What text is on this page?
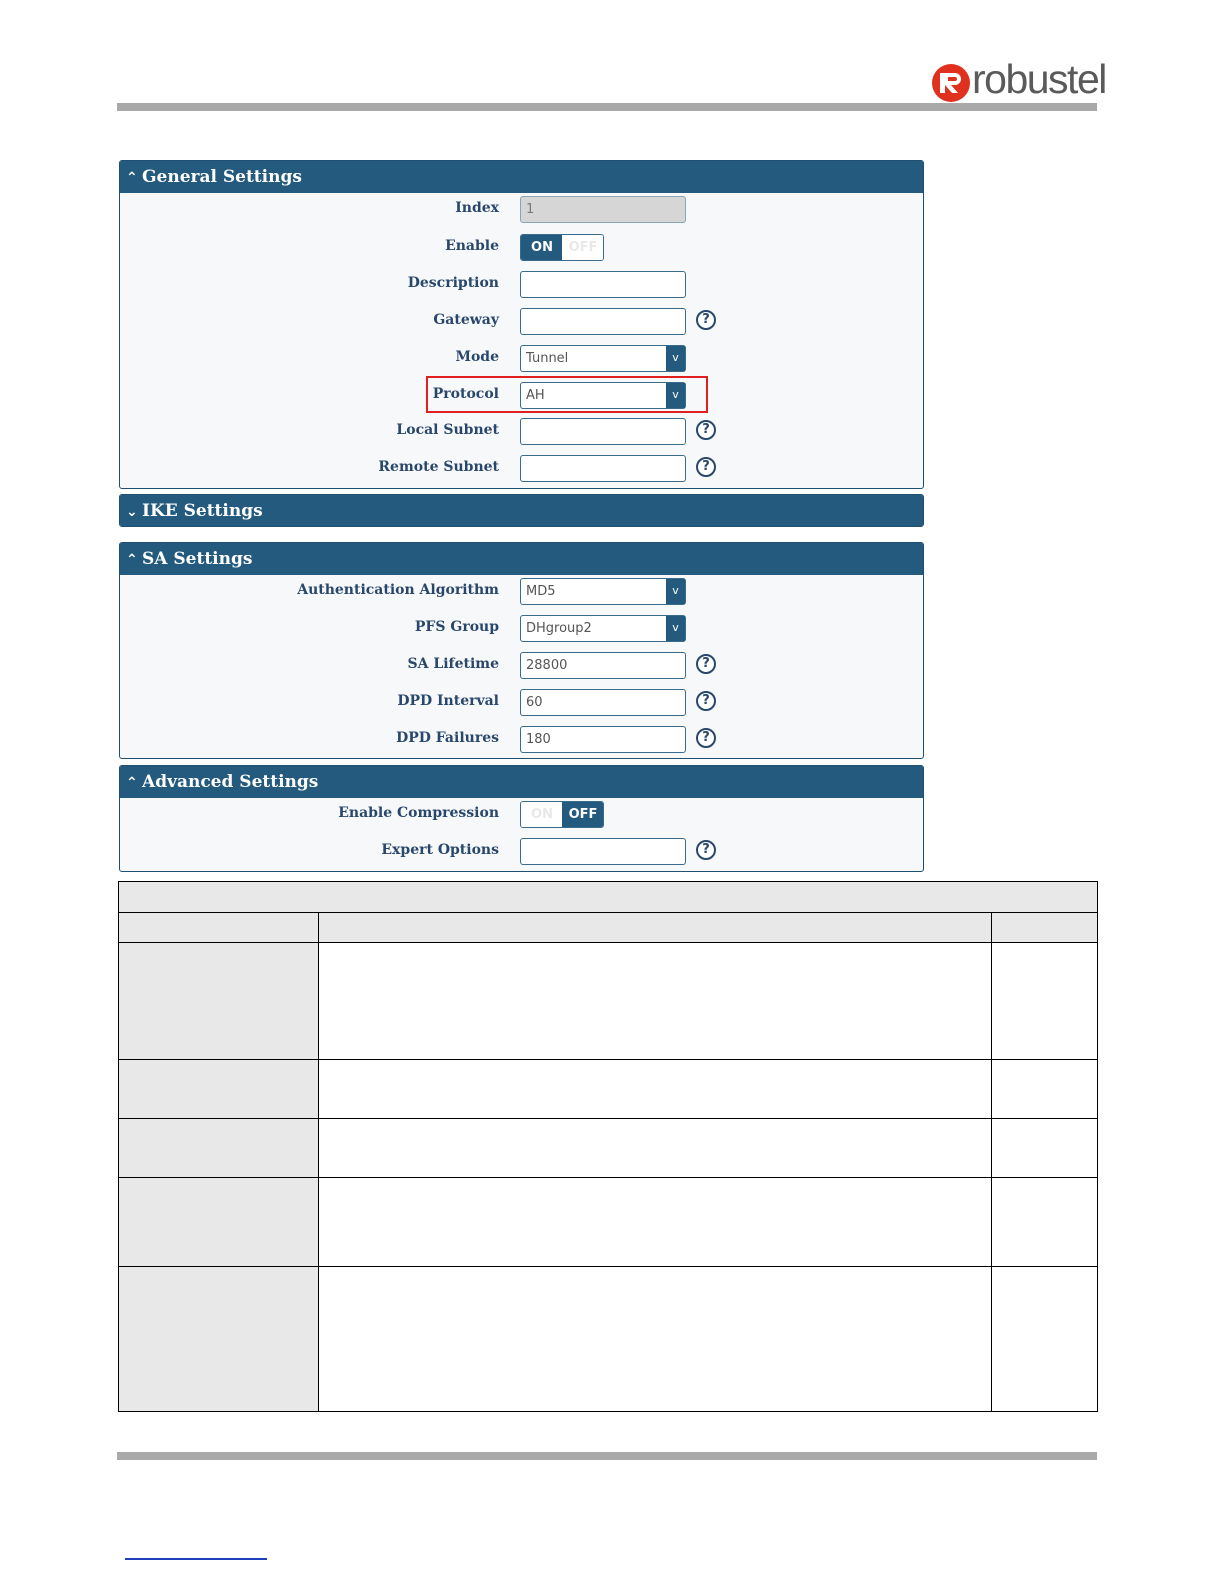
robustel
⌃ General Settings
Index	1
Enable	ON	OFF
Description
Gateway	?
Mode	Tunnel	v
Protocol	AH	v
Local Subnet	?
Remote Subnet	?
⌄ IKE Settings
⌃ SA Settings
Authentication Algorithm	MD5	v
PFS Group	DHgroup2	v
SA Lifetime	28800	?
DPD Interval	60	?
DPD Failures	180	?
⌃ Advanced Settings
Enable Compression	ON	OFF
Expert Options	?
